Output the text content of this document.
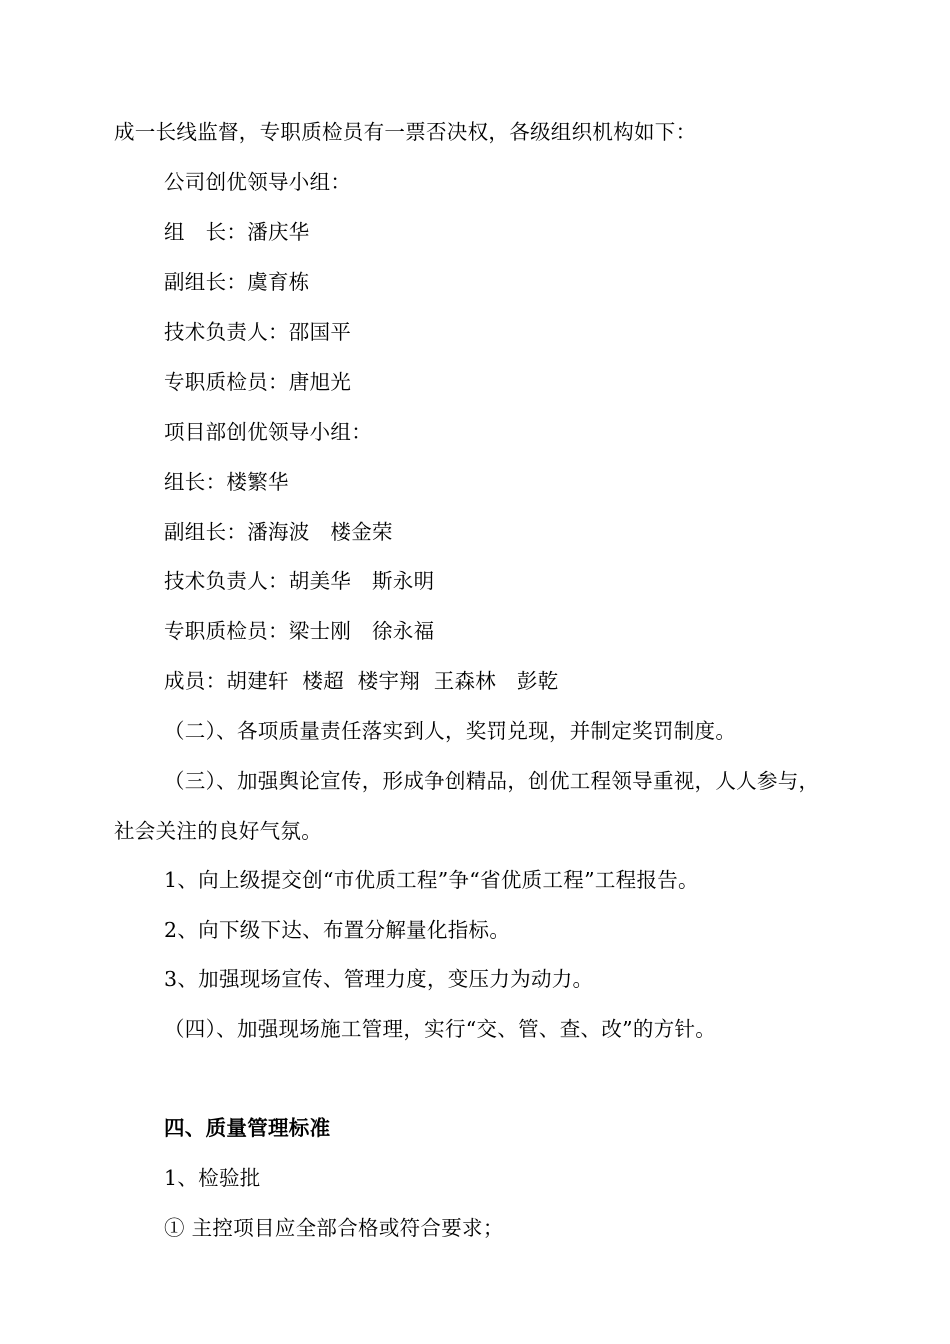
成一长线监督，专职质检员有一票否决权，各级组织机构如下：
公司创优领导小组：
组　长：潘庆华
副组长：虞育栋
技术负责人：邵国平
专职质检员：唐旭光
项目部创优领导小组：
组长：楼繁华
副组长：潘海波　楼金荣
技术负责人：胡美华　斯永明
专职质检员：梁士刚　徐永福
成员：胡建轩  楼超  楼宇翔  王森林　彭乾
（二）、各项质量责任落实到人，奖罚兑现，并制定奖罚制度。
（三）、加强舆论宣传，形成争创精品，创优工程领导重视，人人参与，
社会关注的良好气氛。
1、向上级提交创“市优质工程”争“省优质工程”工程报告。
2、向下级下达、布置分解量化指标。
3、加强现场宣传、管理力度，变压力为动力。
（四）、加强现场施工管理，实行“交、管、查、改”的方针。
四、质量管理标准
1、检验批
① 主控项目应全部合格或符合要求；
